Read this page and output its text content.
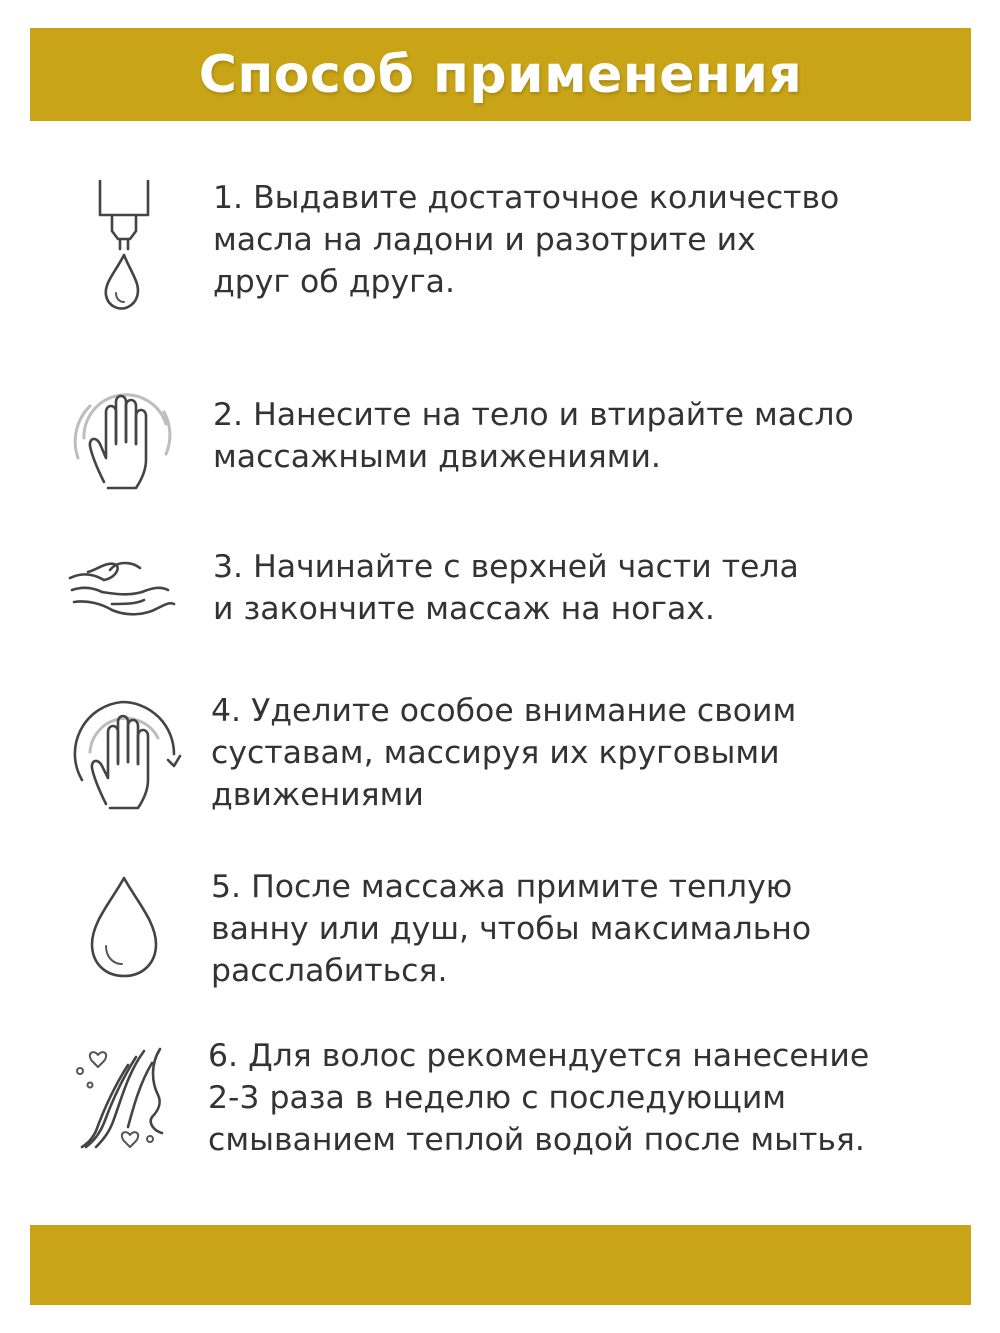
Способ применения

1. Выдавите достаточное количество
масла на ладони и разотрите их
друг об друга.

2. Нанесите на тело и втирайте масло
массажными движениями.

3. Начинайте с верхней части тела
и закончите массаж на ногах.

4. Уделите особое внимание своим
суставам, массируя их круговыми
движениями

5. После массажа примите теплую
ванну или душ, чтобы максимально
расслабиться.

6. Для волос рекомендуется нанесение
2-3 раза в неделю с последующим
смыванием теплой водой после мытья.
